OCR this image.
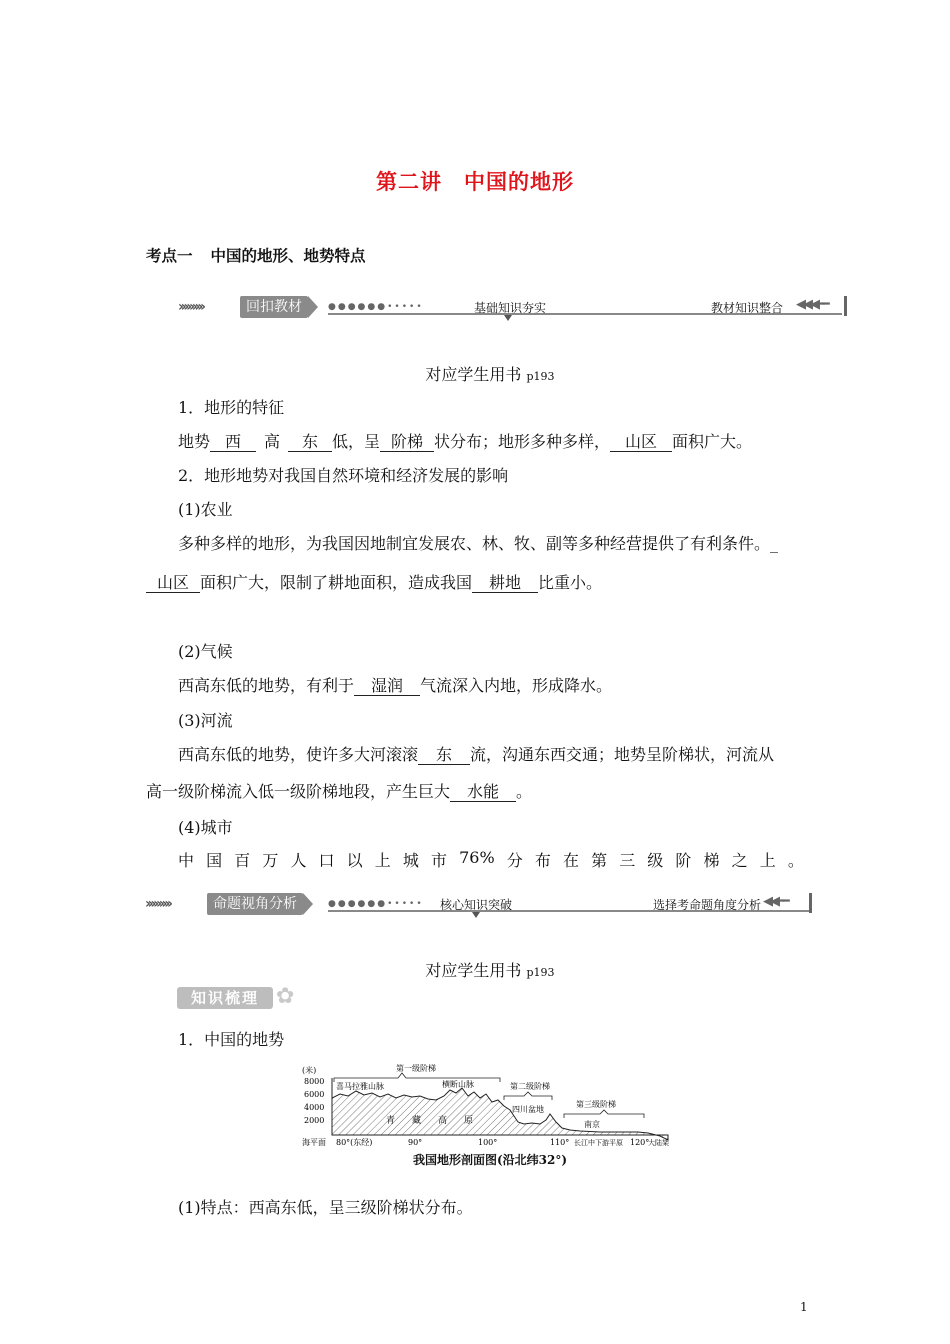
第二讲 中国的地形
考点一 中国的地形、地势特点
›››››››››	回扣教材	●●●●●●•••••	基础知识夯实	教材知识整合 ◀◀◀━━
对应学生用书 p193
1．地形的特征
地势 西 高 东 低，呈 阶梯 状分布；地形多种多样， 山区 面积广大。
2．地形地势对我国自然环境和经济发展的影响
(1)农业
多种多样的地形，为我国因地制宜发展农、林、牧、副等多种经营提供了有利条件。_
山区 面积广大，限制了耕地面积，造成我国 耕地 比重小。
(2)气候
西高东低的地势，有利于 湿润 气流深入内地，形成降水。
(3)河流
西高东低的地势，使许多大河滚滚 东 流，沟通东西交通；地势呈阶梯状，河流从
高一级阶梯流入低一级阶梯地段，产生巨大 水能 。
(4)城市
中 国 百 万 人 口 以 上 城 市 76% 分 布 在 第 三 级 阶 梯 之 上 。
›››››››››	命题视角分析	●●●●●●••••• 核心知识突破	选择考命题角度分析 ◀◀━━
对应学生用书 p193
知识梳理 ✿
1．中国的地势
(米)
8000
6000
4000
2000
第一级阶梯
第二级阶梯
第三级阶梯
喜马拉雅山脉	横断山脉
四川盆地
青 藏 高 原	南京
海平面 80°(东经)	90°	100°	110° 长江中下游平原 120°
大陆架
我国地形剖面图(沿北纬32°)
(1)特点：西高东低，呈三级阶梯状分布。
1
